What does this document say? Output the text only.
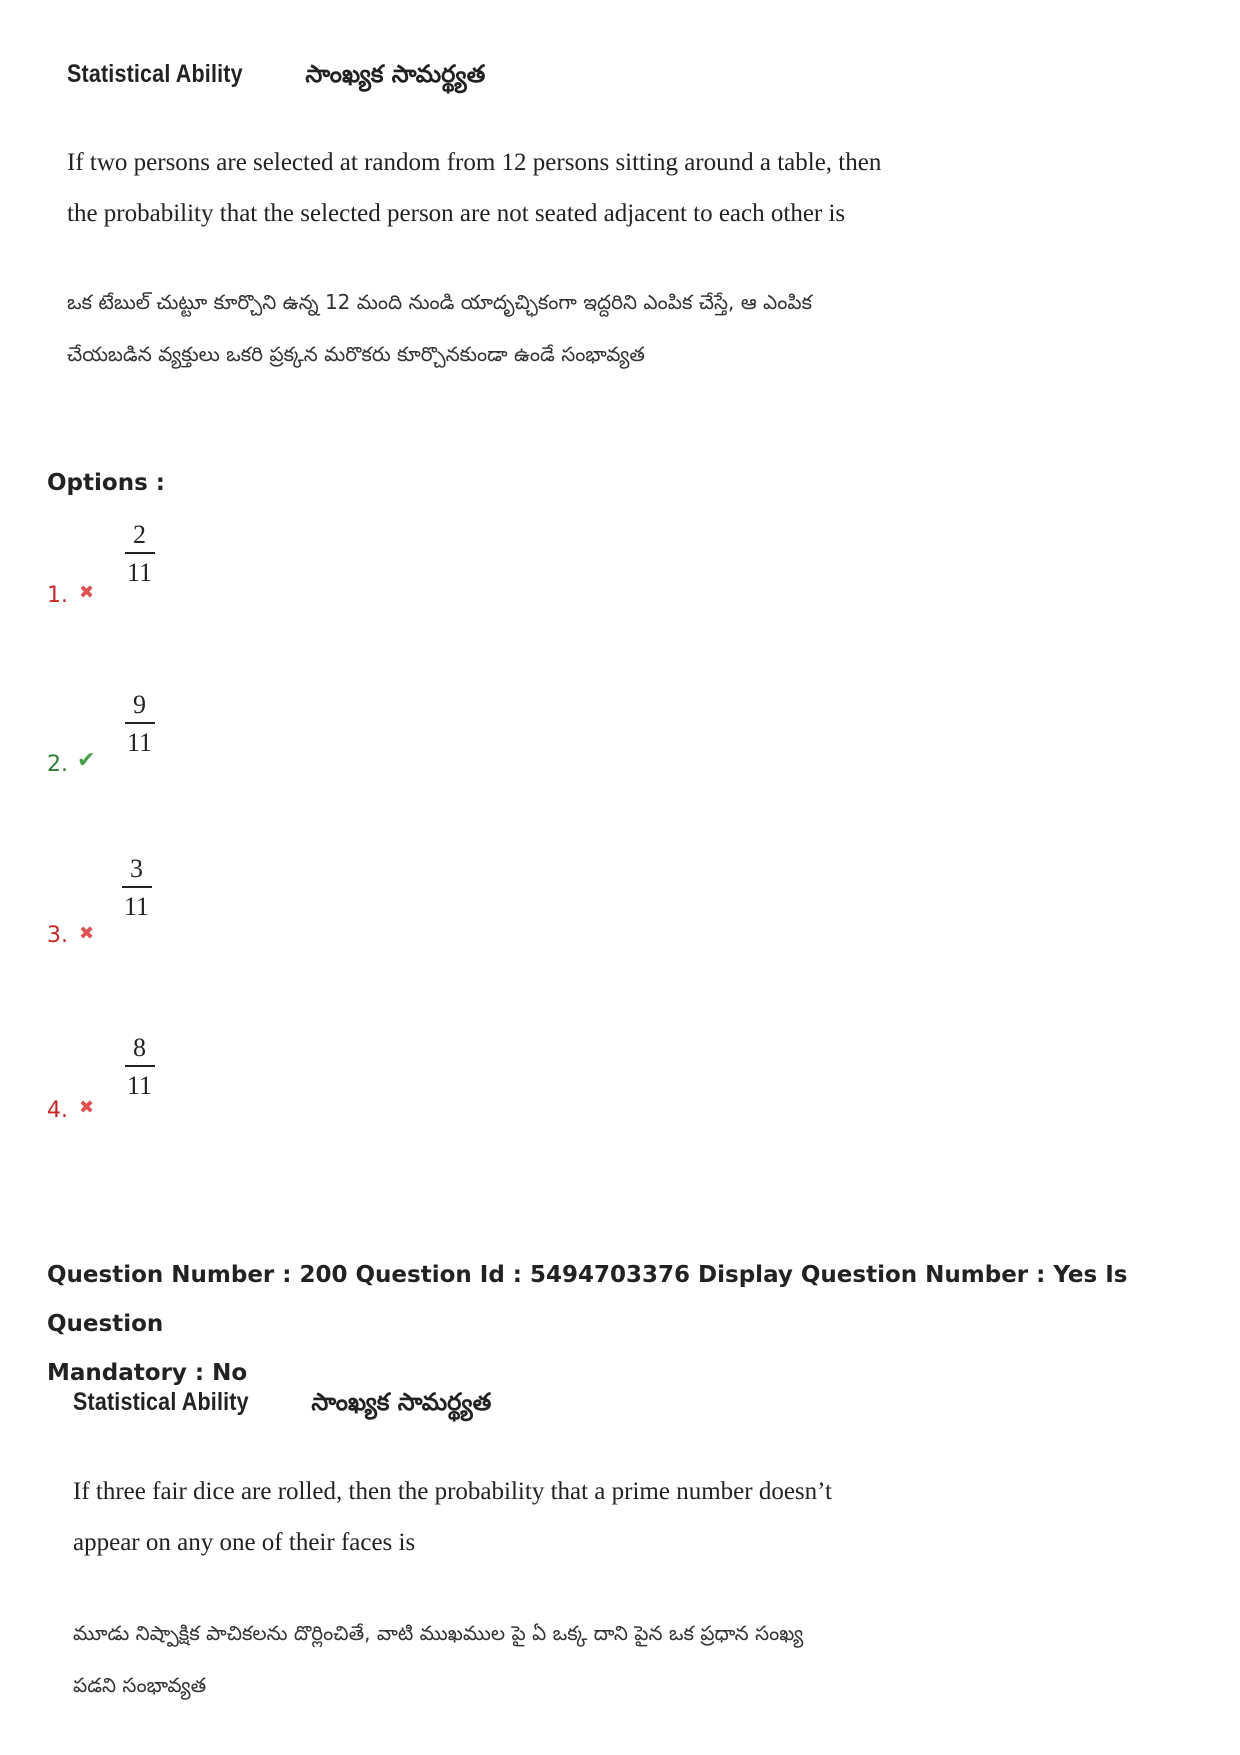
Statistical Ability	సాంఖ్యక సామర్థ్యత
If two persons are selected at random from 12 persons sitting around a table, then
the probability that the selected person are not seated adjacent to each other is
ఒక టేబుల్ చుట్టూ కూర్చొని ఉన్న 12 మంది నుండి యాదృచ్ఛికంగా ఇద్దరిని ఎంపిక చేస్తే, ఆ ఎంపిక
చేయబడిన వ్యక్తులు ఒకరి ప్రక్కన మరొకరు కూర్చొనకుండా ఉండే సంభావ్యత
Options :
1. ✖
2
11
2. ✔
9
11
3. ✖
3
11
4. ✖
8
11
Question Number : 200 Question Id : 5494703376 Display Question Number : Yes Is Question
Mandatory : No
Statistical Ability	సాంఖ్యక సామర్థ్యత
If three fair dice are rolled, then the probability that a prime number doesn’t
appear on any one of their faces is
మూడు నిష్పాక్షిక పాచికలను దొర్లించితే, వాటి ముఖముల పై ఏ ఒక్క దాని పైన ఒక ప్రధాన సంఖ్య
పడని సంభావ్యత
